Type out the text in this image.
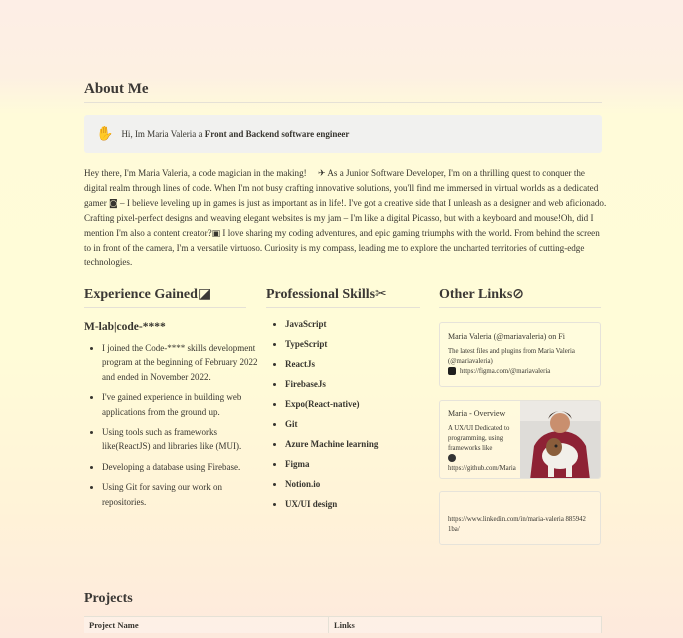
About Me
✋ Hi, Im Maria Valeria a Front and Backend software engineer

Hey there, I'm Maria Valeria, a code magician in the making!     ✈ As a Junior Software Developer, I'm on a thrilling quest to conquer the digital realm through lines of code. When I'm not busy crafting innovative solutions, you'll find me immersed in virtual worlds as a dedicated gamer ◙ – I believe leveling up in games is just as important as in life!. I've got a creative side that I unleash as a designer and web aficionado. Crafting pixel-perfect designs and weaving elegant websites is my jam – I'm like a digital Picasso, but with a keyboard and mouse!Oh, did I mention I'm also a content creator?▣ I love sharing my coding adventures, and epic gaming triumphs with the world. From behind the screen to in front of the camera, I'm a versatile virtuoso. Curiosity is my compass, leading me to explore the uncharted territories of cutting-edge technologies.

Experience Gained◪
M-lab|code-****
• I joined the Code-**** skills development program at the beginning of February 2022 and ended in November 2022.
• I've gained experience in building web applications from the ground up.
• Using tools such as frameworks like(ReactJS) and libraries like (MUI).
• Developing a database using Firebase.
• Using Git for saving our work on repositories.
Professional Skills✂
• JavaScript
• TypeScript
• ReactJs
• FirebaseJs
• Expo(React-native)
• Git
• Azure Machine learning
• Figma
• Notion.io
• UX/UI design
Other Links⊘
Maria Valeria (@mariavaleria) on Fi
The latest files and plugins from Maria Valeria (@mariavaleria)
https://figma.com/@mariavaleria
Maria - Overview
A UX/UI Dedicated to programming, using frameworks like
https://github.com/Maria
https://www.linkedin.com/in/maria-valeria 885942 1ba/
Projects
Project Name	Links
